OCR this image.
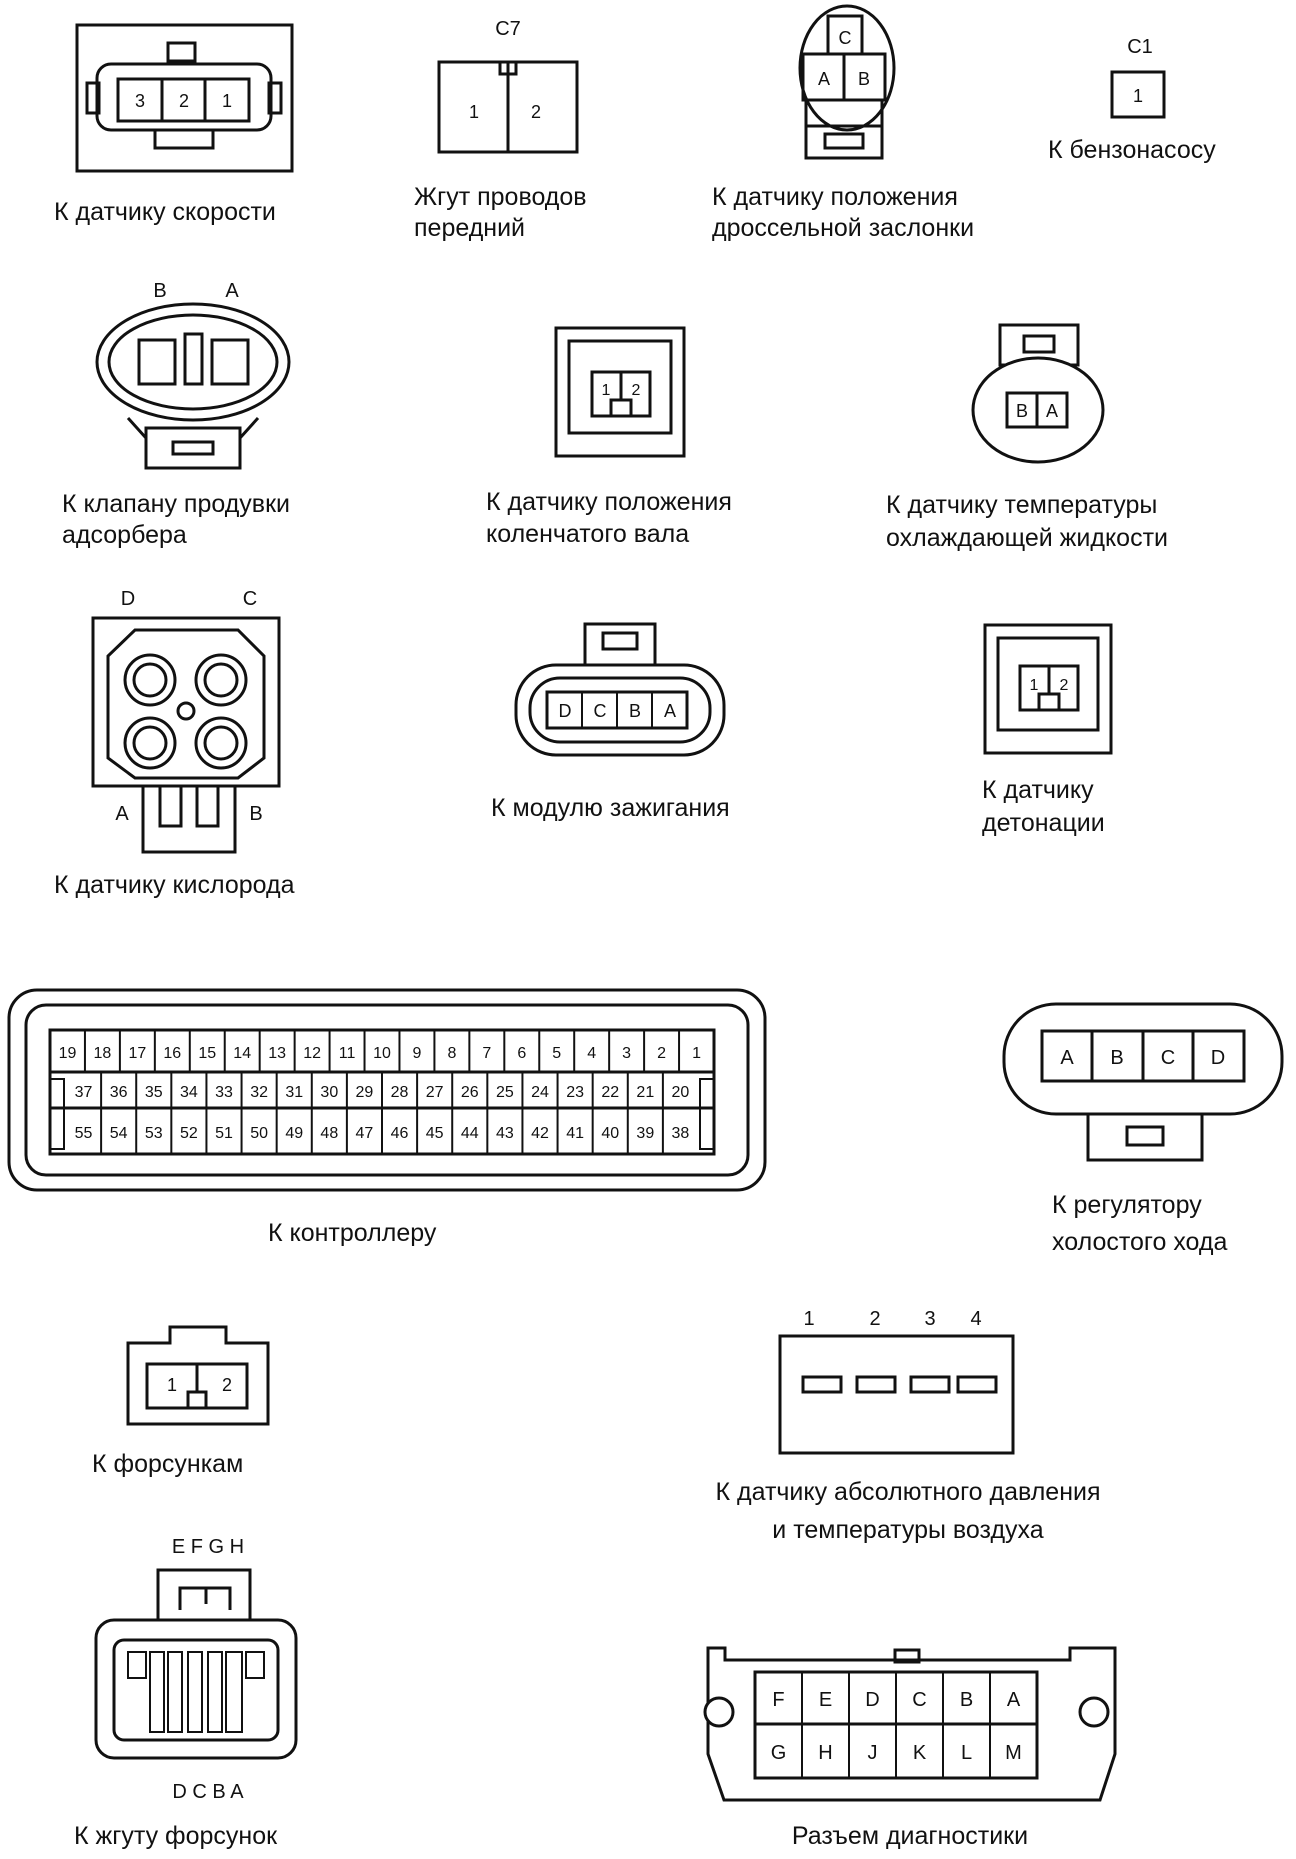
3 2 1
К датчику скорости
C7
1	2
Жгут проводов
передний
C
A B
К датчику положения
дроссельной заслонки
C1
1
К бензонасосу
B	A
К клапану продувки
адсорбера
1 2
К датчику положения
коленчатого вала
B A
К датчику температуры
охлаждающей жидкости
D	C
A	B
К датчику кислорода
D C B A
К модулю зажигания
1 2
К датчику
детонации
19 18 17 16 15 14 13 12 11 10 9 8 7 6 5 4 3 2 1
37 36 35 34 33 32 31 30 29 28 27 26 25 24 23 22 21 20
55 54 53 52 51 50 49 48 47 46 45 44 43 42 41 40 39 38
К контроллеру
A B C D
К регулятору
холостого хода
1 2
К форсункам
1	2 3 4
К датчику абсолютного давления
и температуры воздуха
E F G H
D C B A
К жгуту форсунок
F E D C B A
G H J K L M
Разъем диагностики
